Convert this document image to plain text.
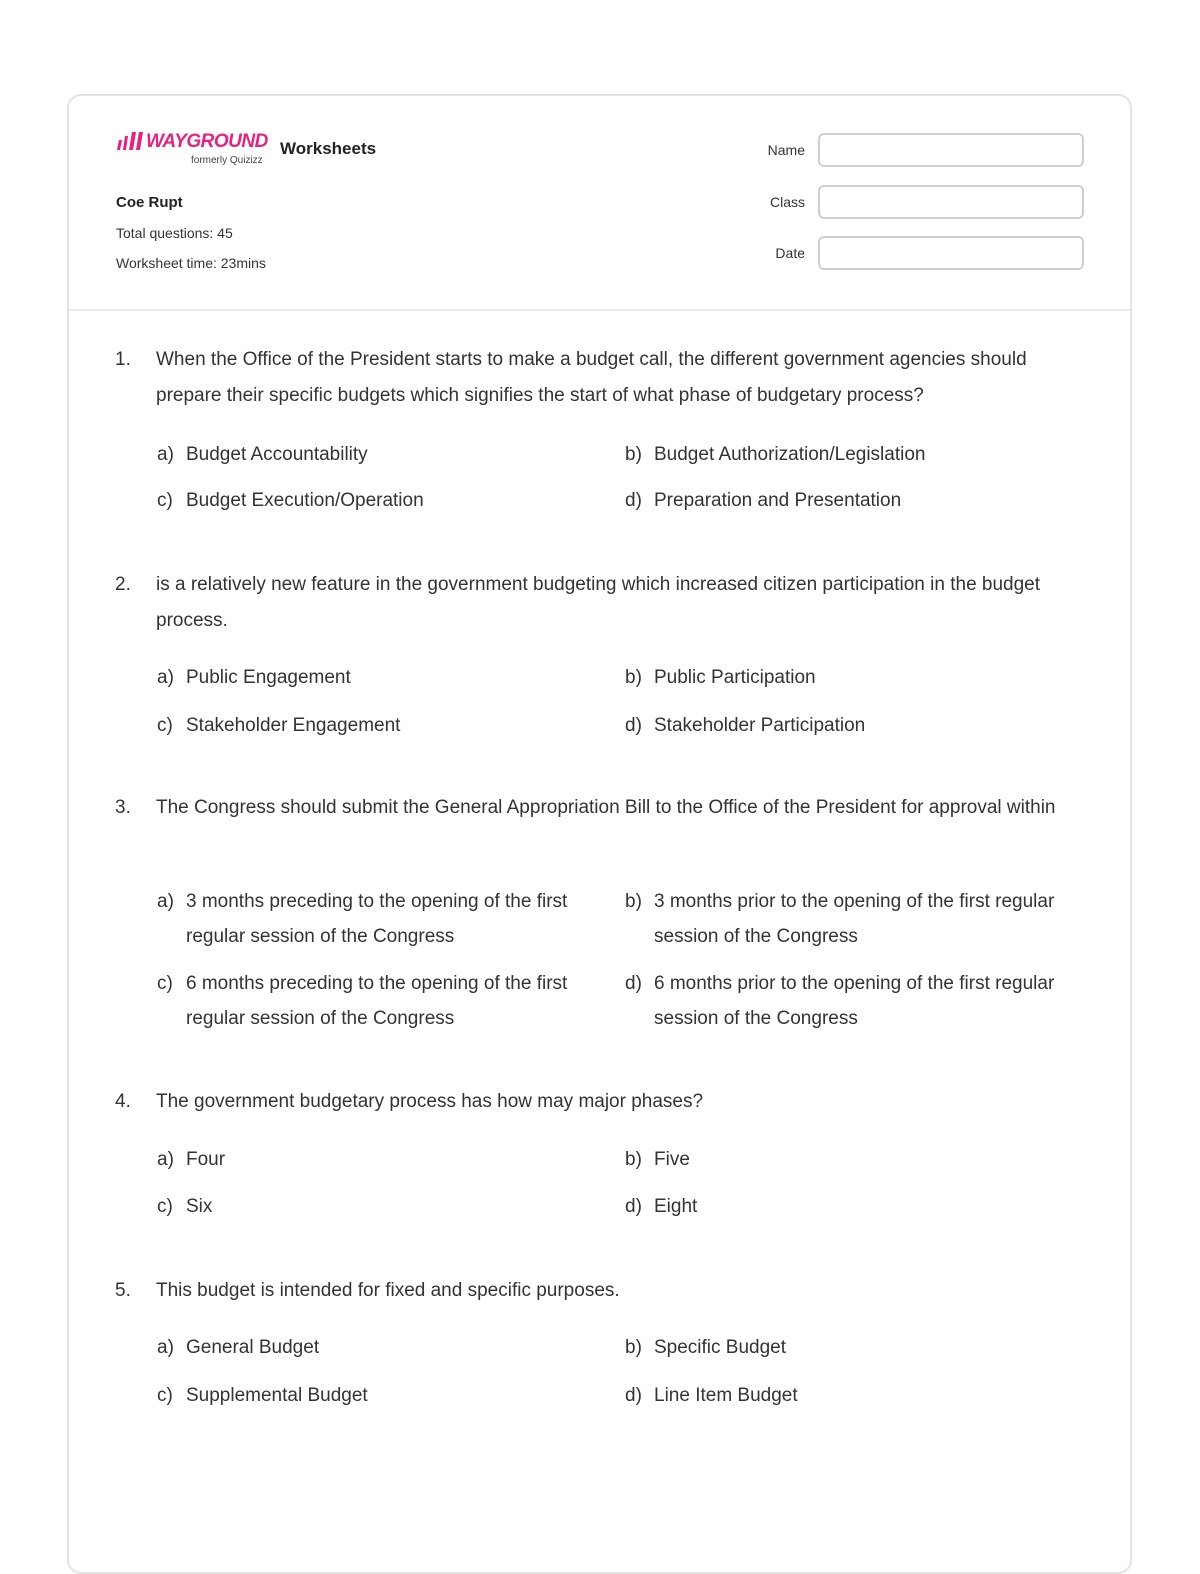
WAYGROUND
formerly Quizizz
Worksheets
Coe Rupt
Total questions: 45
Worksheet time: 23mins
Name
Class
Date
1. When the Office of the President starts to make a budget call, the different government agencies should prepare their specific budgets which signifies the start of what phase of budgetary process?
a) Budget Accountability	b) Budget Authorization/Legislation
c) Budget Execution/Operation	d) Preparation and Presentation
2. is a relatively new feature in the government budgeting which increased citizen participation in the budget process.
a) Public Engagement	b) Public Participation
c) Stakeholder Engagement	d) Stakeholder Participation
3. The Congress should submit the General Appropriation Bill to the Office of the President for approval within
a) 3 months preceding to the opening of the first regular session of the Congress
b) 3 months prior to the opening of the first regular session of the Congress
c) 6 months preceding to the opening of the first regular session of the Congress
d) 6 months prior to the opening of the first regular session of the Congress
4. The government budgetary process has how may major phases?
a) Four	b) Five
c) Six	d) Eight
5. This budget is intended for fixed and specific purposes.
a) General Budget	b) Specific Budget
c) Supplemental Budget	d) Line Item Budget
